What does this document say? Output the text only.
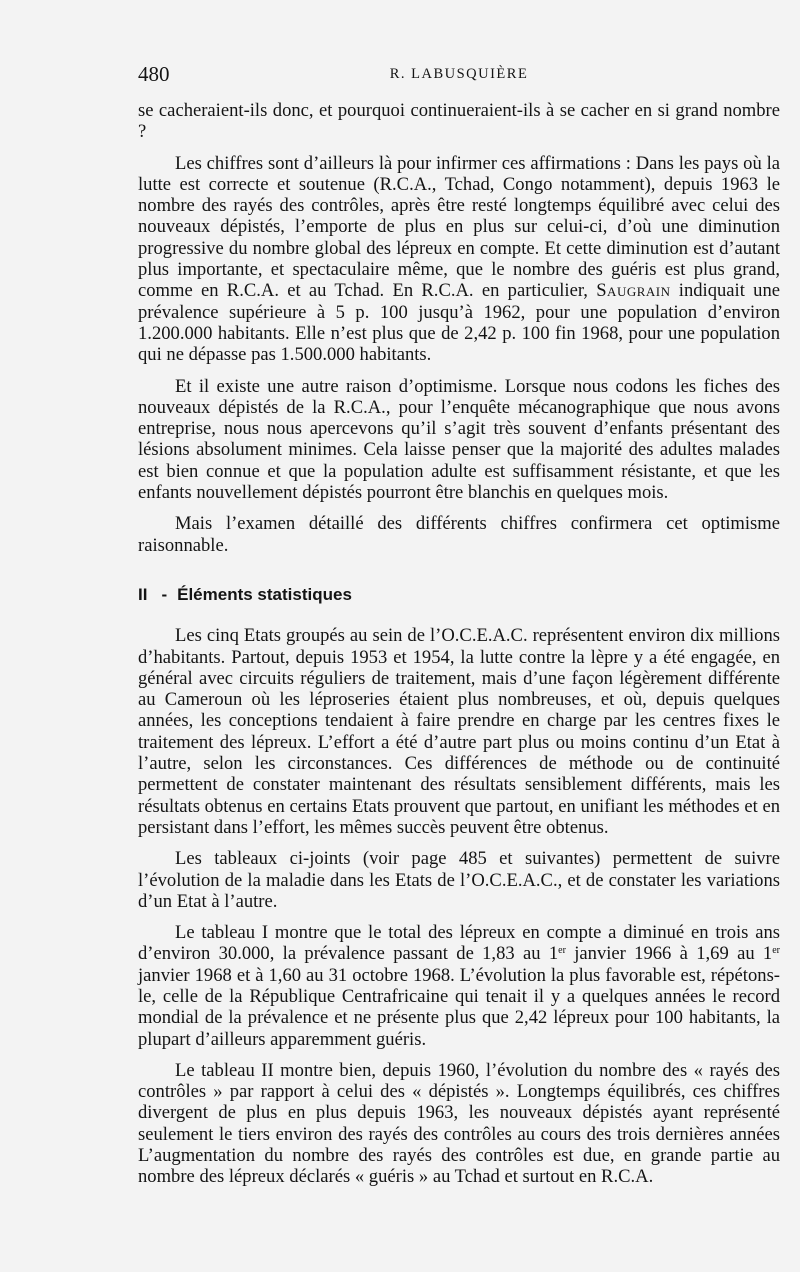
480	R. LABUSQUIÈRE

se cacheraient-ils donc, et pourquoi continueraient-ils à se cacher en si grand nombre ?

Les chiffres sont d’ailleurs là pour infirmer ces affirmations : Dans les pays où la lutte est correcte et soutenue (R.C.A., Tchad, Congo notamment), depuis 1963 le nombre des rayés des contrôles, après être resté longtemps équilibré avec celui des nouveaux dépistés, l’emporte de plus en plus sur celui-ci, d’où une diminution progressive du nombre global des lépreux en compte. Et cette diminution est d’autant plus importante, et spectaculaire même, que le nombre des guéris est plus grand, comme en R.C.A. et au Tchad. En R.C.A. en particulier, Saugrain indiquait une prévalence supérieure à 5 p. 100 jusqu’à 1962, pour une population d’environ 1.200.000 habitants. Elle n’est plus que de 2,42 p. 100 fin 1968, pour une population qui ne dépasse pas 1.500.000 habitants.

Et il existe une autre raison d’optimisme. Lorsque nous codons les fiches des nouveaux dépistés de la R.C.A., pour l’enquête mécanographique que nous avons entreprise, nous nous apercevons qu’il s’agit très souvent d’enfants présentant des lésions absolument minimes. Cela laisse penser que la majorité des adultes malades est bien connue et que la population adulte est suffisamment résistante, et que les enfants nouvellement dépistés pourront être blanchis en quelques mois.

Mais l’examen détaillé des différents chiffres confirmera cet optimisme raisonnable.

II - Éléments statistiques

Les cinq Etats groupés au sein de l’O.C.E.A.C. représentent environ dix millions d’habitants. Partout, depuis 1953 et 1954, la lutte contre la lèpre y a été engagée, en général avec circuits réguliers de traitement, mais d’une façon légèrement différente au Cameroun où les léproseries étaient plus nombreuses, et où, depuis quelques années, les conceptions tendaient à faire prendre en charge par les centres fixes le traitement des lépreux. L’effort a été d’autre part plus ou moins continu d’un Etat à l’autre, selon les circonstances. Ces différences de méthode ou de continuité permettent de constater maintenant des résultats sensiblement différents, mais les résultats obtenus en certains Etats prouvent que partout, en unifiant les méthodes et en persistant dans l’effort, les mêmes succès peuvent être obtenus.

Les tableaux ci-joints (voir page 485 et suivantes) permettent de suivre l’évolution de la maladie dans les Etats de l’O.C.E.A.C., et de constater les variations d’un Etat à l’autre.

Le tableau I montre que le total des lépreux en compte a diminué en trois ans d’environ 30.000, la prévalence passant de 1,83 au 1er janvier 1966 à 1,69 au 1er janvier 1968 et à 1,60 au 31 octobre 1968. L’évolution la plus favorable est, répétons-le, celle de la République Centrafricaine qui tenait il y a quelques années le record mondial de la prévalence et ne présente plus que 2,42 lépreux pour 100 habitants, la plupart d’ailleurs apparemment guéris.

Le tableau II montre bien, depuis 1960, l’évolution du nombre des « rayés des contrôles » par rapport à celui des « dépistés ». Longtemps équilibrés, ces chiffres divergent de plus en plus depuis 1963, les nouveaux dépistés ayant représenté seulement le tiers environ des rayés des contrôles au cours des trois dernières années L’augmentation du nombre des rayés des contrôles est due, en grande partie au nombre des lépreux déclarés « guéris » au Tchad et surtout en R.C.A.
